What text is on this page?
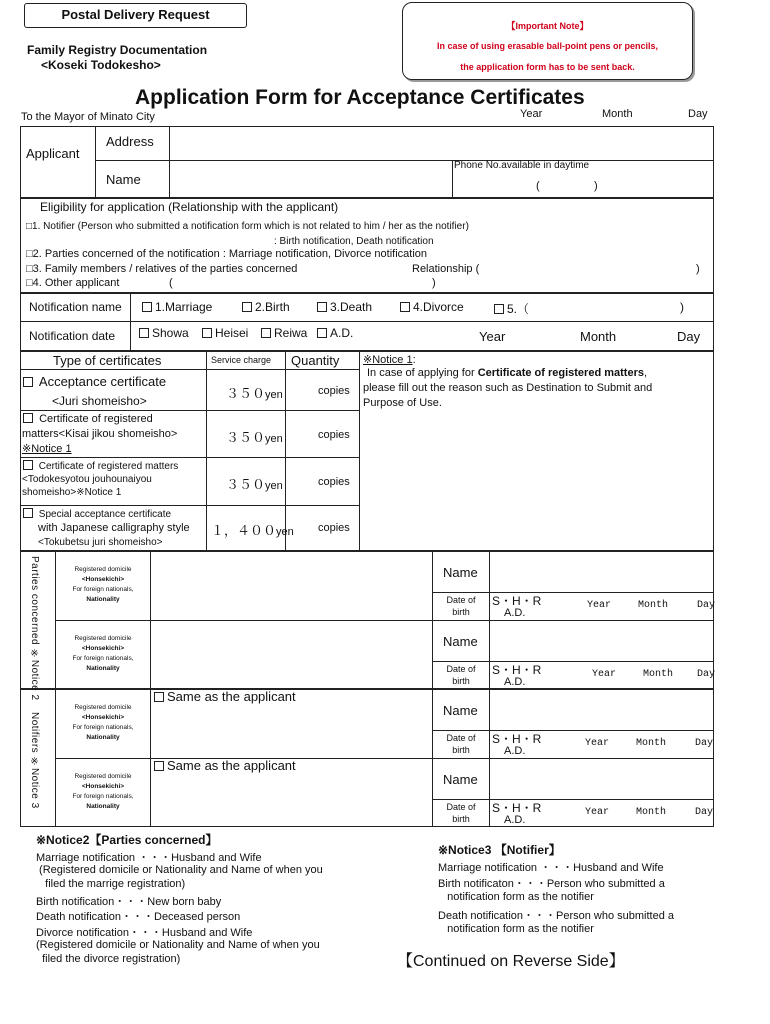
Postal Delivery Request
【Important Note】
In case of using erasable ball-point pens or pencils,
the application form has to be sent back.
Family Registry Documentation
<Koseki Todokesho>
Application Form for Acceptance Certificates
To the Mayor of Minato City	Year	Month	Day
Applicant
Address
Name
Phone No.available in daytime
(	)
Eligibility for application (Relationship with the applicant)
□1. Notifier (Person who submitted a notification form which is not related to him / her as the notifier)
: Birth notification, Death notification
□2. Parties concerned of the notification : Marriage notification, Divorce notification
□3. Family members / relatives of the parties concerned	Relationship (	)
□4. Other applicant	(	)
Notification name	1.Marriage	2.Birth	3.Death	4.Divorce	5.（	)
Notification date	Showa	Heisei	Reiwa	A.D.	Year	Month	Day
Type of certificates	Service charge Quantity
Acceptance certificate
<Juri shomeisho>	３５０yen	copies
Certificate of registered
matters<Kisai jikou shomeisho>
※Notice 1
３５０yen	copies
Certificate of registered matters
<Todokesyotou jouhounaiyou
shomeisho>※Notice 1
３５０yen	copies
Special acceptance certificate
with Japanese calligraphy style
<Tokubetsu juri shomeisho>
１，４００yen copies
※Notice 1:
In case of applying for Certificate of registered matters,
please fill out the reason such as Destination to Submit and
Purpose of Use.
Parties concerned ※Notice 2
Notifiers ※Notice 3
Registered domicile
<Honsekichi>
For foreign nationals,
Nationality
Name
Date of
birth
S・H・R
A.D.
Year	Month	Day
Registered domicile
<Honsekichi>
For foreign nationals,
Nationality
Name
Date of
birth
S・H・R
A.D.
Year	Month Day
Registered domicile
<Honsekichi>
For foreign nationals,
Nationality
Same as the applicant
Name
Date of
birth
S・H・R
A.D.
Year	Month	Day
Registered domicile
<Honsekichi>
For foreign nationals,
Nationality
Same as the applicant
Name
Date of
birth
S・H・R
A.D.
Year	Month	Day
※Notice2【Parties concerned】
Marriage notification ・・・Husband and Wife
(Registered domicile or Nationality and Name of when you
filed the marrige registration)
Birth notification・・・New born baby
Death notification・・・Deceased person
Divorce notification・・・Husband and Wife
(Registered domicile or Nationality and Name of when you
filed the divorce registration)
※Notice3 【Notifier】
Marriage notification ・・・Husband and Wife
Birth notificaton・・・Person who submitted a
notification form as the notifier
Death notification・・・Person who submitted a
notification form as the notifier
【Continued on Reverse Side】
